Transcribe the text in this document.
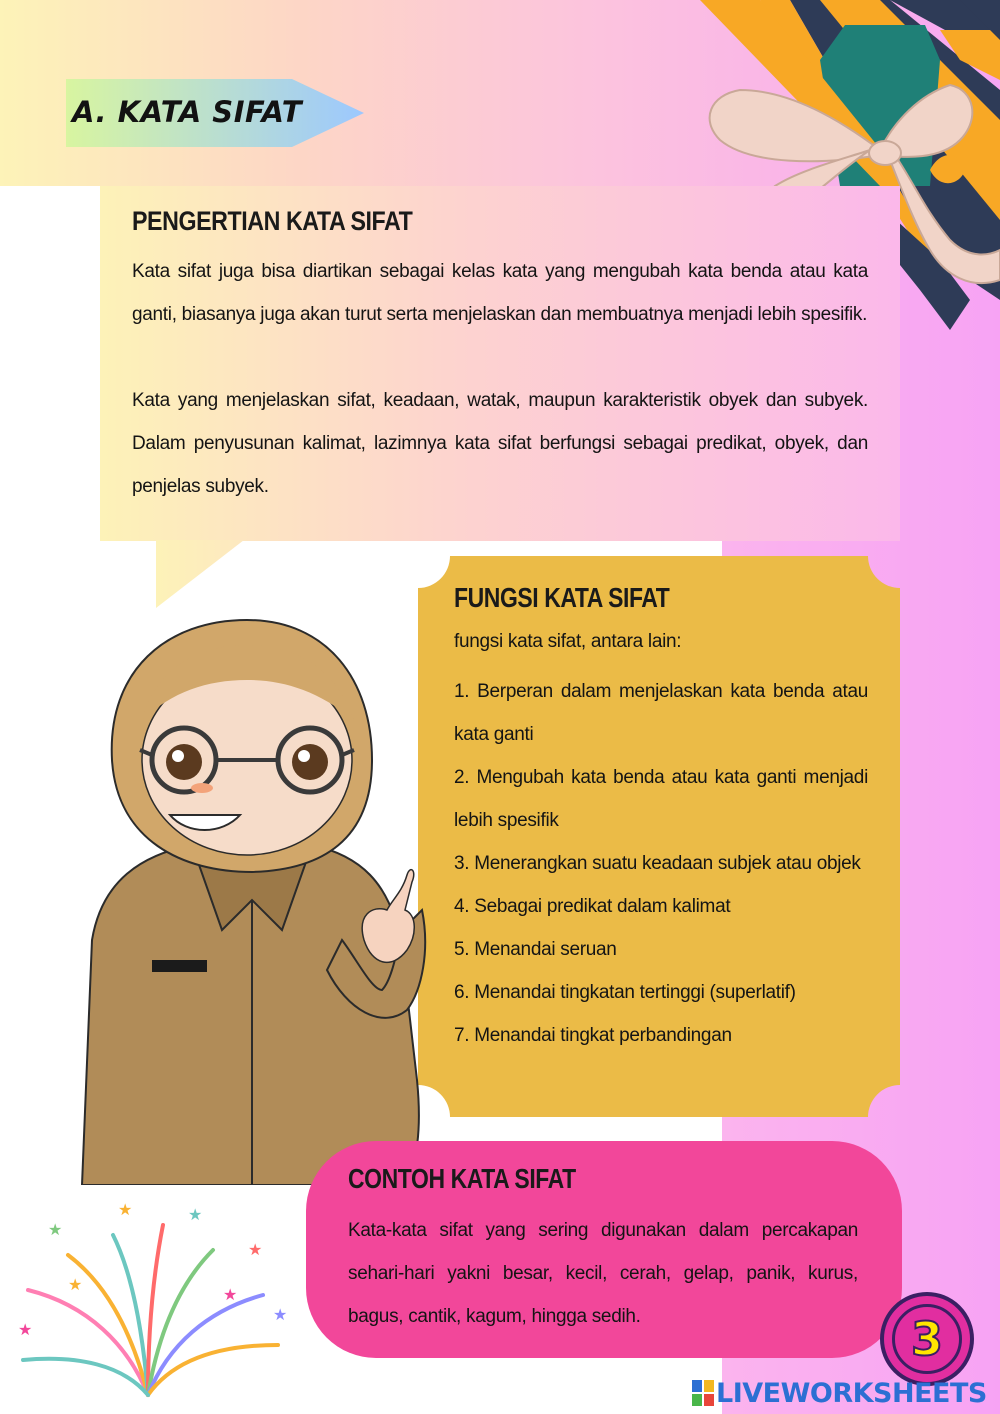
A. KATA SIFAT
PENGERTIAN KATA SIFAT

Kata sifat juga bisa diartikan sebagai kelas kata yang mengubah kata benda atau kata ganti, biasanya juga akan turut serta menjelaskan dan membuatnya menjadi lebih spesifik.

Kata yang menjelaskan sifat, keadaan, watak, maupun karakteristik obyek dan subyek. Dalam penyusunan kalimat, lazimnya kata sifat berfungsi sebagai predikat, obyek, dan penjelas subyek.

FUNGSI KATA SIFAT

fungsi kata sifat, antara lain:

1. Berperan dalam menjelaskan kata benda atau kata ganti
2. Mengubah kata benda atau kata ganti menjadi lebih spesifik
3. Menerangkan suatu keadaan subjek atau objek
4. Sebagai predikat dalam kalimat
5. Menandai seruan
6. Menandai tingkatan tertinggi (superlatif)
7. Menandai tingkat perbandingan
CONTOH KATA SIFAT

Kata-kata sifat yang sering digunakan dalam percakapan sehari-hari yakni besar, kecil, cerah, gelap, panik, kurus, bagus, cantik, kagum, hingga sedih.

★
★
★	★
★
★
★
★
3
LIVEWORKSHEETS
